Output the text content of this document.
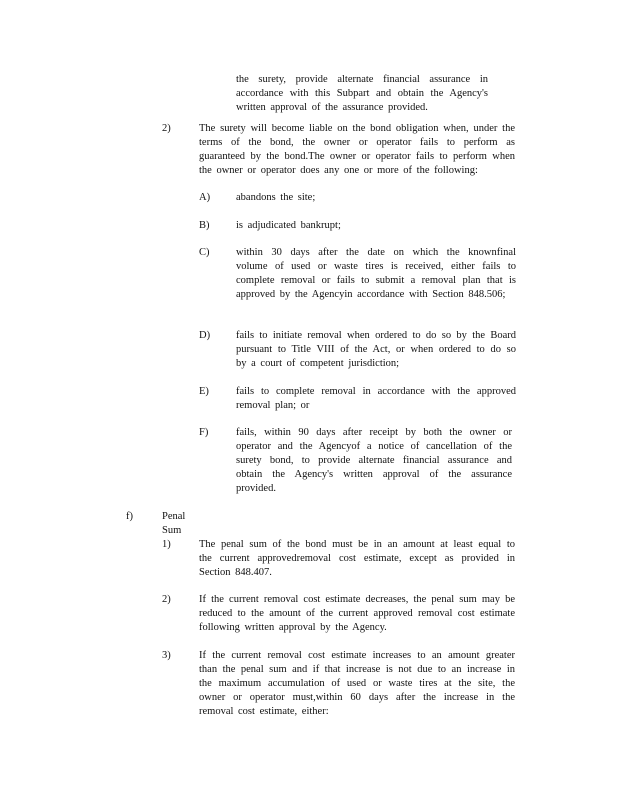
the surety, provide alternate financial assurance in accordance with this Subpart and obtain the Agency's written approval of the assurance provided.
2)	The surety will become liable on the bond obligation when, under the terms of the bond, the owner or operator fails to perform as guaranteed by the bond.The owner or operator fails to perform when the owner or operator does any one or more of the following:
A) abandons the site;
B)	is adjudicated bankrupt;
C)	within 30 days after the date on which the knownfinal volume of used or waste tires is received, either fails to complete removal or fails to submit a removal plan that is approved by the Agencyin accordance with Section 848.506;
D) fails to initiate removal when ordered to do so by the Board pursuant to Title VIII of the Act, or when ordered to do so by a court of competent jurisdiction;
E)	fails to complete removal in accordance with the approved removal plan; or
F)	fails, within 90 days after receipt by both the owner or operator and the Agencyof a notice of cancellation of the surety bond, to provide alternate financial assurance and obtain the Agency's written approval of the assurance provided.
f)	Penal Sum
1)	The penal sum of the bond must be in an amount at least equal to the current approvedremoval cost estimate, except as provided in Section 848.407.
2)	If the current removal cost estimate decreases, the penal sum may be reduced to the amount of the current approved removal cost estimate following written approval by the Agency.
3)	If the current removal cost estimate increases to an amount greater than the penal sum and if that increase is not due to an increase in the maximum accumulation of used or waste tires at the site, the owner or operator must,within 60 days after the increase in the removal cost estimate, either:
